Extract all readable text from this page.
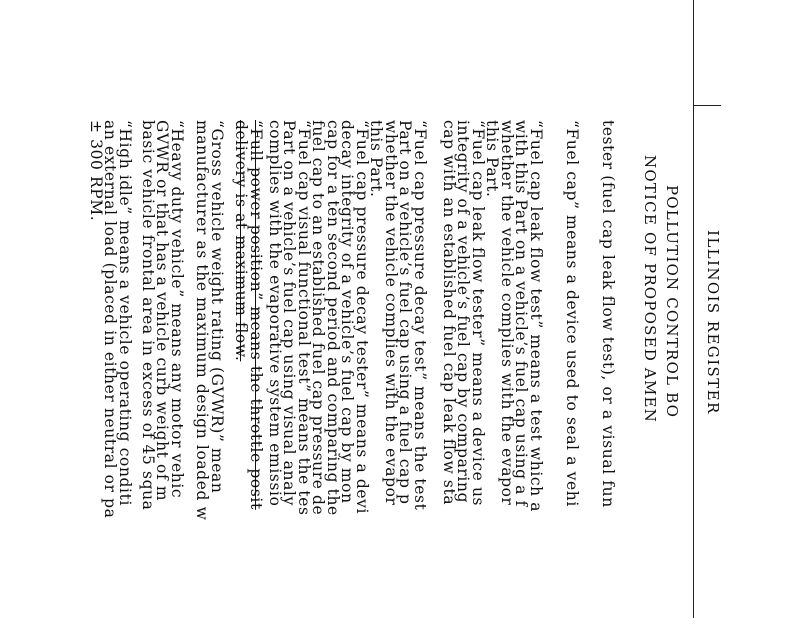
ILLINOIS REGISTER
POLLUTION CONTROL BO
NOTICE OF PROPOSED AMEN
tester (fuel cap leak flow test), or a visual fun
“Fuel cap” means a device used to seal a vehi
“Fuel cap leak flow test” means a test which a
with this Part on a vehicle’s fuel cap using a f
whether the vehicle complies with the evapor
this Part.
“Fuel cap leak flow tester” means a device us
integrity of a vehicle’s fuel cap by comparing
cap with an established fuel cap leak flow sta
“Fuel cap pressure decay test” means the test
Part on a vehicle’s fuel cap using a fuel cap p
whether the vehicle complies with the evapor
this Part.
“Fuel cap pressure decay tester” means a devi
decay integrity of a vehicle’s fuel cap by mon
cap for a ten second period and comparing the
fuel cap to an established fuel cap pressure de
“Fuel cap visual functional test” means the tes
Part on a vehicle’s fuel cap using visual analy
complies with the evaporative system emissio
“Full power position” means the throttle posit
delivery is at maximum flow.
“Gross vehicle weight rating (GVWR)” mean
manufacturer as the maximum design loaded w
“Heavy duty vehicle” means any motor vehic
GVWR or that has a vehicle curb weight of m
basic vehicle frontal area in excess of 45 squa
“High idle” means a vehicle operating conditi
an external load (placed in either neutral or pa
± 300 RPM.
